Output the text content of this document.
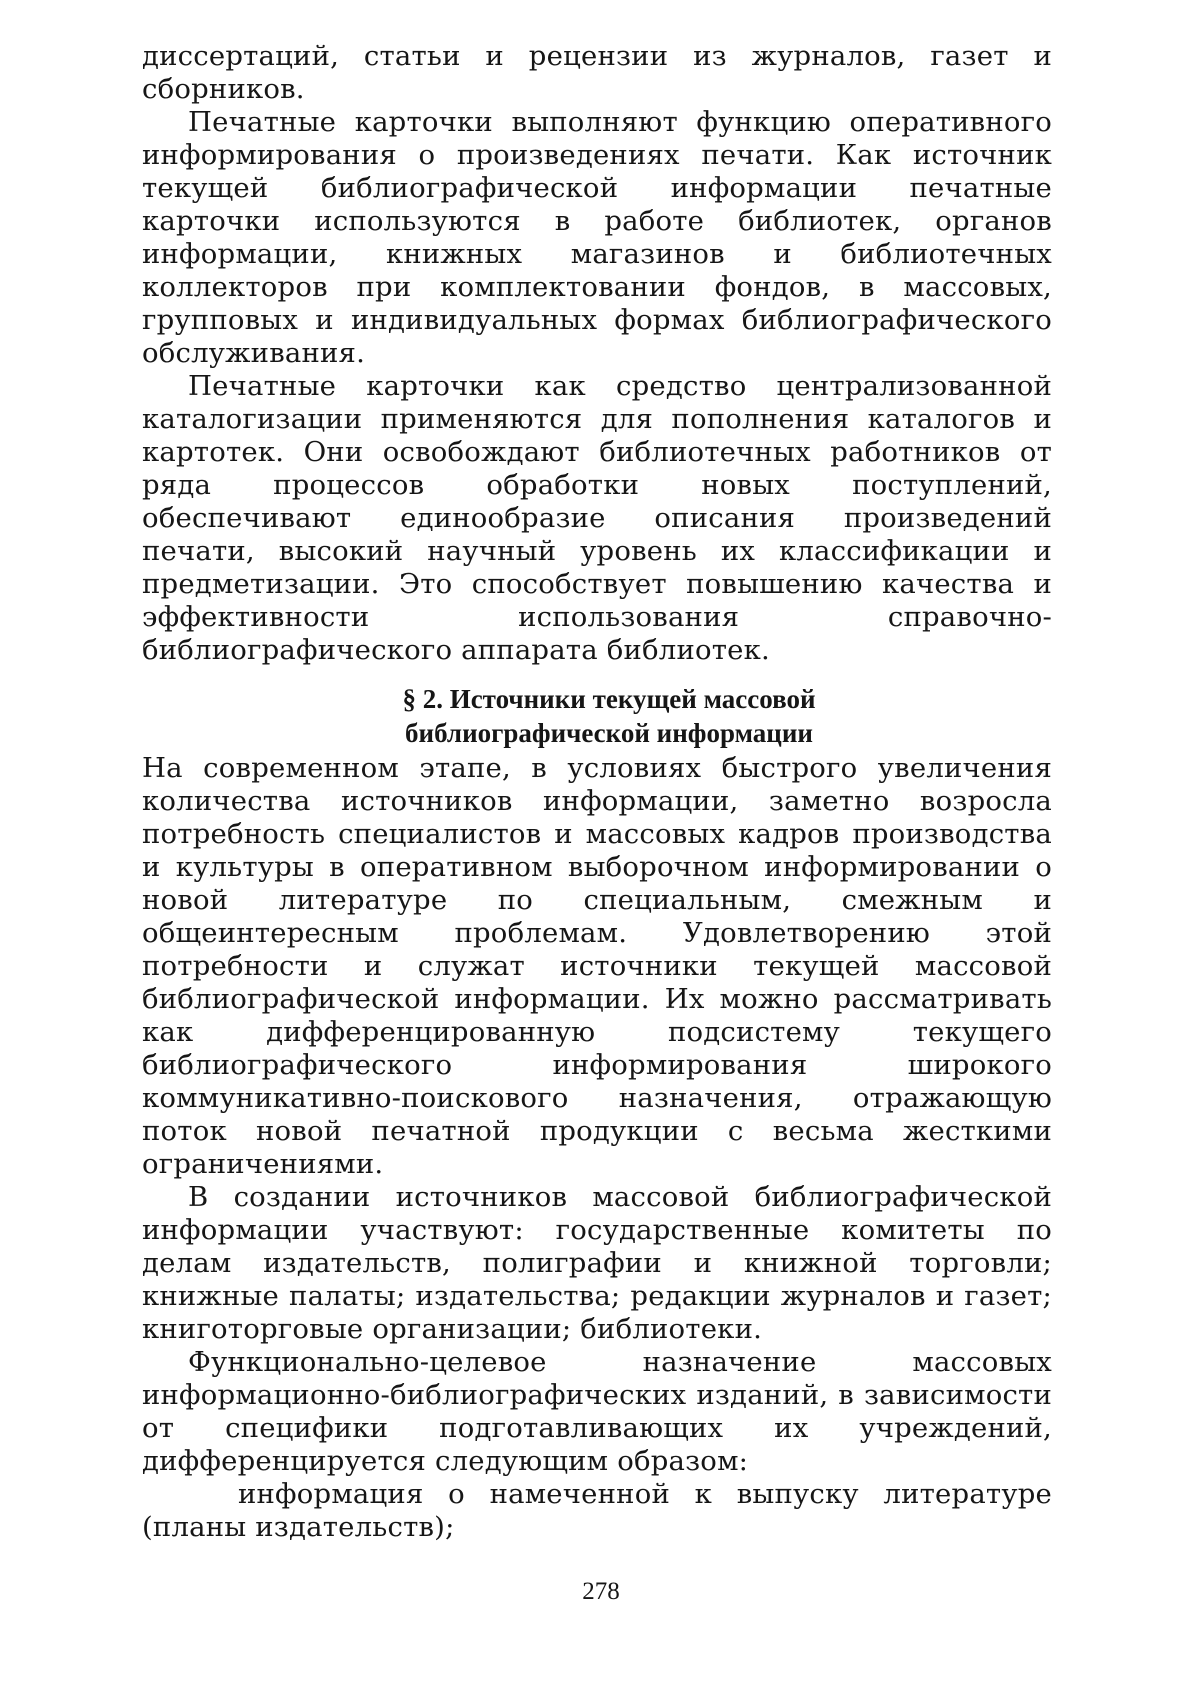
диссертаций, статьи и рецензии из журналов, газет и сборников.

Печатные карточки выполняют функцию оперативного информирования о произведениях печати. Как источник текущей библиографической информации печатные карточки используются в работе библиотек, органов информации, книжных магазинов и библиотечных коллекторов при комплектовании фондов, в массовых, групповых и индивидуальных формах библиографического обслуживания.

Печатные карточки как средство централизованной каталогизации применяются для пополнения каталогов и картотек. Они освобождают библиотечных работников от ряда процессов обработки новых поступлений, обеспечивают единообразие описания произведений печати, высокий научный уровень их классификации и предметизации. Это способствует повышению качества и эффективности использования справочно-библиографического аппарата библиотек.

§ 2. Источники текущей массовой
библиографической информации

На современном этапе, в условиях быстрого увеличения количества источников информации, заметно возросла потребность специалистов и массовых кадров производства и культуры в оперативном выборочном информировании о новой литературе по специальным, смежным и общеинтересным проблемам. Удовлетворению этой потребности и служат источники текущей массовой библиографической информации. Их можно рассматривать как дифференцированную подсистему текущего библиографического информирования широкого коммуникативно-поискового назначения, отражающую поток новой печатной продукции с весьма жесткими ограничениями.

В создании источников массовой библиографической информации участвуют: государственные комитеты по делам издательств, полиграфии и книжной торговли; книжные палаты; издательства; редакции журналов и газет; книготорговые организации; библиотеки.

Функционально-целевое назначение массовых информационно-библиографических изданий, в зависимости от специфики подготавливающих их учреждений, дифференцируется следующим образом:

информация о намеченной к выпуску литературе (планы издательств);

278
